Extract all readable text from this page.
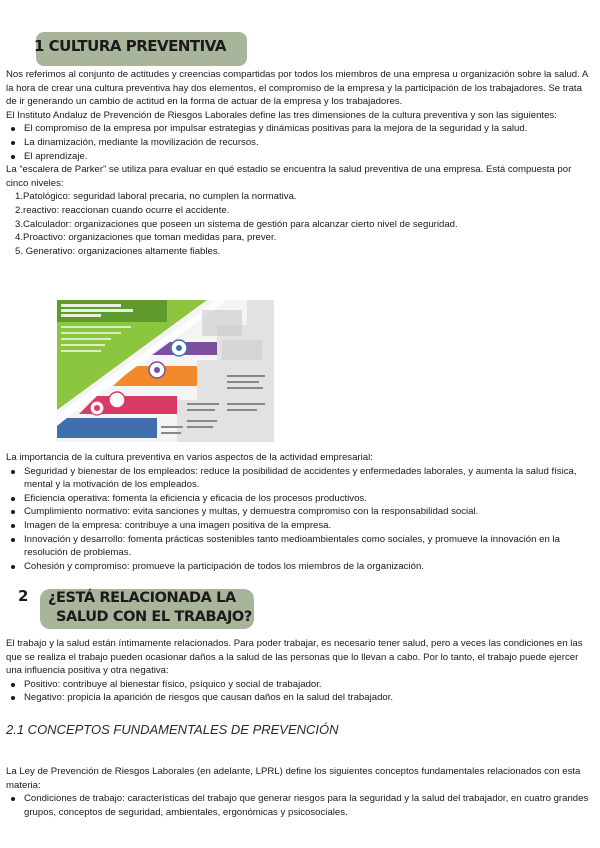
1 CULTURA PREVENTIVA

Nos referimos al conjunto de actitudes y creencias compartidas por todos los miembros de una empresa u organización sobre la salud. A la hora de crear una cultura preventiva hay dos elementos, el compromiso de la empresa y la participación de los trabajadores. Se trata de ir generando un cambio de actitud en la forma de actuar de la empresa y los trabajadores.

El Instituto Andaluz de Prevención de Riesgos Laborales define las tres dimensiones de la cultura preventiva y son las siguientes:

El compromiso de la empresa por impulsar estrategias y dinámicas positivas para la mejora de la seguridad y la salud.
La dinamización, mediante la movilización de recursos.
El aprendizaje.

La “escalera de Parker” se utiliza para evaluar en qué estadio se encuentra la salud preventiva de una empresa. Está compuesta por cinco niveles:

1.Patológico: seguridad laboral precaria, no cumplen la normativa.
2.reactivo: reaccionan cuando ocurre el accidente.
3.Calculador: organizaciones que poseen un sistema de gestión para alcanzar cierto nivel de seguridad.
4.Proactivo: organizaciones que toman medidas para, prever.
5. Generativo: organizaciones altamente fiables.

La importancia de la cultura preventiva en varios aspectos de la actividad empresarial:

Seguridad y bienestar de los empleados: reduce la posibilidad de accidentes y enfermedades laborales, y aumenta la salud física, mental y la motivación de los empleados.
Eficiencia operativa: fomenta la eficiencia y eficacia de los procesos productivos.
Cumplimiento normativo: evita sanciones y multas, y demuestra compromiso con la responsabilidad social.
Imagen de la empresa: contribuye a una imagen positiva de la empresa.
Innovación y desarrollo: fomenta prácticas sostenibles tanto medioambientales como sociales, y promueve la innovación en la resolución de problemas.
Cohesión y compromiso: promueve la participación de todos los miembros de la organización.

El trabajo y la salud están íntimamente relacionados. Para poder trabajar, es necesario tener salud, pero a veces las condiciones en las que se realiza el trabajo pueden ocasionar daños a la salud de las personas que lo llevan a cabo. Por lo tanto, el trabajo puede ejercer una influencia positiva y otra negativa:

Positivo: contribuye al bienestar físico, psíquico y social de trabajador.
Negativo: propicia la aparición de riesgos que causan daños en la salud del trabajador.
2.1 CONCEPTOS FUNDAMENTALES DE PREVENCIÓN

La Ley de Prevención de Riesgos Laborales (en adelante, LPRL) define los siguientes conceptos fundamentales relacionados con esta materia:

Condiciones de trabajo: características del trabajo que generar riesgos para la seguridad y la salud del trabajador, en cuatro grandes grupos, conceptos de seguridad, ambientales, ergonómicas y psicosociales.
2 ¿ESTÁ RELACIONADA LA
SALUD CON EL TRABAJO?
